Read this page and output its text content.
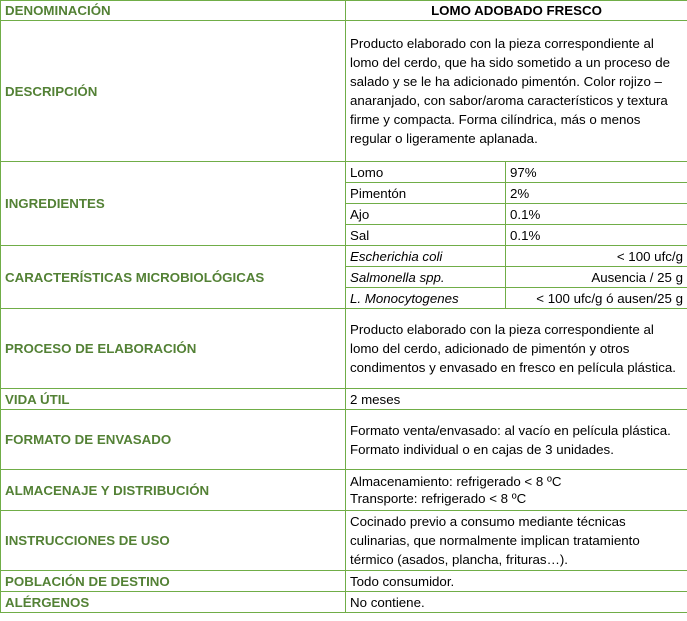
DENOMINACIÓN	LOMO ADOBADO FRESCO	
DESCRIPCIÓN	Producto elaborado con la pieza correspondiente al lomo del cerdo, que ha sido sometido a un proceso de salado y se le ha adicionado pimentón. Color rojizo – anaranjado, con sabor/aroma característicos y textura firme y compacta. Forma cilíndrica, más o menos regular o ligeramente aplanada.	
INGREDIENTES	Lomo	97%
	Pimentón	2%
	Ajo	0.1%
	Sal	0.1%
CARACTERÍSTICAS MICROBIOLÓGICAS	Escherichia coli	< 100 ufc/g
	Salmonella spp.	Ausencia / 25 g
	L. Monocytogenes	< 100 ufc/g ó ausen/25 g
PROCESO DE ELABORACIÓN	Producto elaborado con la pieza correspondiente al lomo del cerdo, adicionado de pimentón y otros condimentos y envasado en fresco en película plástica.	
VIDA ÚTIL	2 meses	
FORMATO DE ENVASADO	Formato venta/envasado: al vacío en película plástica.
Formato individual o en cajas de 3 unidades.	

ALMACENAJE Y DISTRIBUCIÓN	Almacenamiento: refrigerado < 8 ºC
Transporte: refrigerado < 8 ºC	

INSTRUCCIONES DE USO	Cocinado previo a consumo mediante técnicas culinarias, que normalmente implican tratamiento térmico (asados, plancha, frituras…).	
POBLACIÓN DE DESTINO	Todo consumidor.	
ALÉRGENOS	No contiene.	
